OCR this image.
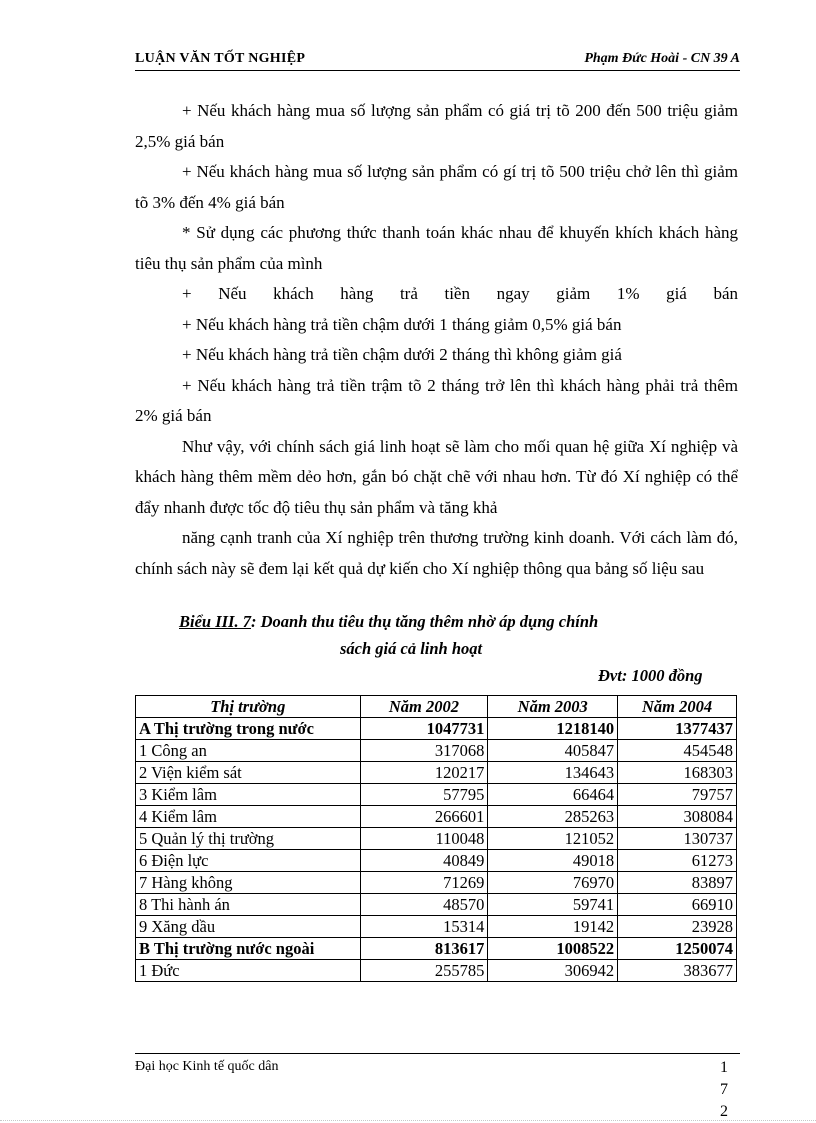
LUẬN VĂN TỐT NGHIỆP	Phạm Đức Hoài - CN 39 A

+ Nếu khách hàng mua số lượng sản phẩm có giá trị tõ 200 đến 500 triệu giảm 2,5% giá bán

+ Nếu khách hàng mua số lượng sản phẩm có gí trị tõ 500 triệu chở lên thì giảm tõ 3% đến 4% giá bán

* Sử dụng các phương thức thanh toán khác nhau để khuyến khích khách hàng tiêu thụ sản phẩm của mình

+ Nếu khách hàng trả tiền ngay giảm 1% giá bán

+ Nếu khách hàng trả tiền chậm dưới 1 tháng giảm 0,5% giá bán

+ Nếu khách hàng trả tiền chậm dưới 2 tháng thì không giảm giá

+ Nếu khách hàng trả tiền trậm tõ 2 tháng trở lên thì khách hàng phải trả thêm 2% giá bán

Như vậy, với chính sách giá linh hoạt sẽ làm cho mối quan hệ giữa Xí nghiệp và khách hàng thêm mềm dẻo hơn, gắn bó chặt chẽ với nhau hơn. Từ đó Xí nghiệp có thể đẩy nhanh được tốc độ tiêu thụ sản phẩm và tăng khả

năng cạnh tranh của Xí nghiệp trên thương trường kinh doanh. Với cách làm đó, chính sách này sẽ đem lại kết quả dự kiến cho Xí nghiệp thông qua bảng số liệu sau

Biểu III. 7: Doanh thu tiêu thụ tăng thêm nhờ áp dụng chính
sách giá cả linh hoạt
Đvt: 1000 đồng
Thị trường	Năm 2002	Năm 2003	Năm 2004
A Thị trường trong nước	1047731	1218140	1377437
1 Công an	317068	405847	454548
2 Viện kiểm sát	120217	134643	168303
3 Kiểm lâm	57795	66464	79757
4 Kiểm lâm	266601	285263	308084
5 Quản lý thị trường	110048	121052	130737
6 Điện lực	40849	49018	61273
7 Hàng không	71269	76970	83897
8 Thi hành án	48570	59741	66910
9 Xăng dầu	15314	19142	23928
B Thị trường nước ngoài	813617	1008522	1250074
1 Đức	255785	306942	383677
Đại học Kinh tế quốc dân	1
7
2
